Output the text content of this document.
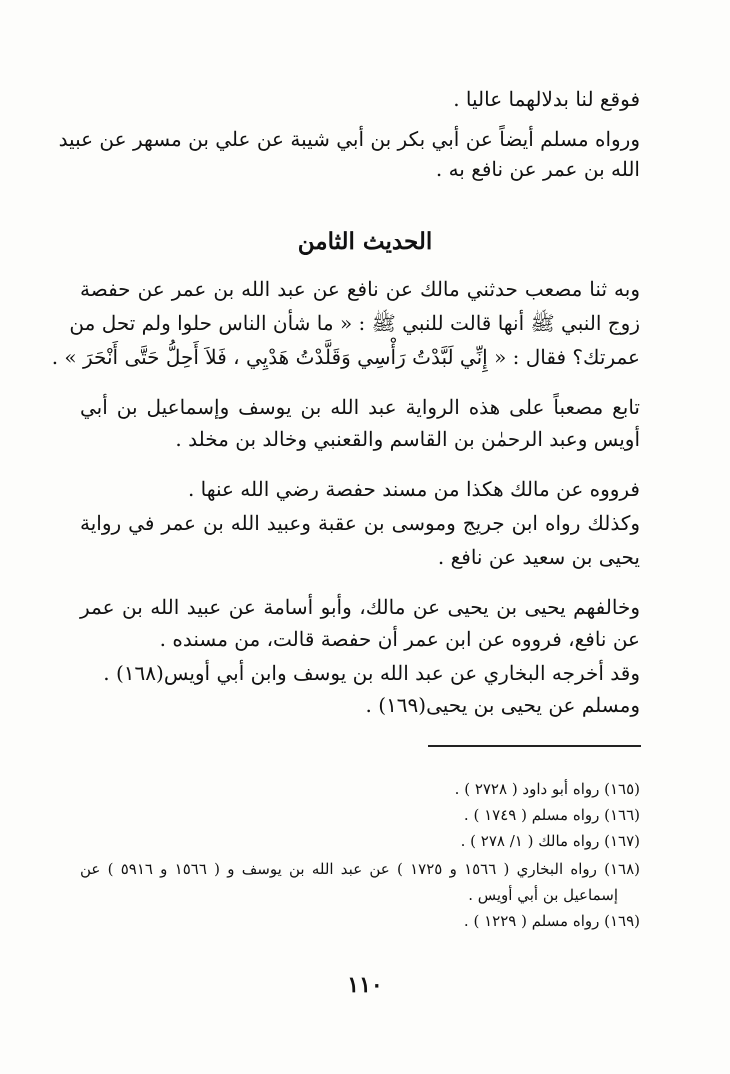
فوقع لنا بدلالهما عاليا .
ورواه مسلم أيضاً عن أبي بكر بن أبي شيبة عن علي بن مسهر عن عبيد
الله بن عمر عن نافع به .
الحديث الثامن
وبه ثنا مصعب حدثني مالك عن نافع عن عبد الله بن عمر عن حفصة
زوج النبي ﷺ أنها قالت للنبي ﷺ : « ما شأن الناس حلوا ولم تحل من
عمرتك؟ فقال : « إِنِّي لَبَّدْتُ رَأْسِي وَقَلَّدْتُ هَدْيِي ، فَلاَ أَحِلُّ حَتَّى أَنْحَرَ » .
تابع مصعباً على هذه الرواية عبد الله بن يوسف وإسماعيل بن أبي
أويس وعبد الرحمٰن بن القاسم والقعنبي وخالد بن مخلد .
فرووه عن مالك هكذا من مسند حفصة رضي الله عنها .
وكذلك رواه ابن جريج وموسى بن عقبة وعبيد الله بن عمر في رواية
يحيى بن سعيد عن نافع .
وخالفهم يحيى بن يحيى عن مالك، وأبو أسامة عن عبيد الله بن عمر
عن نافع، فرووه عن ابن عمر أن حفصة قالت، من مسنده .
وقد أخرجه البخاري عن عبد الله بن يوسف وابن أبي أويس(١٦٨) .
ومسلم عن يحيى بن يحيى(١٦٩) .
(١٦٥) رواه أبو داود ( ٢٧٢٨ ) .
(١٦٦) رواه مسلم ( ١٧٤٩ ) .
(١٦٧) رواه مالك ( ١/ ٢٧٨ ) .
(١٦٨) رواه البخاري ( ١٥٦٦ و ١٧٢٥ ) عن عبد الله بن يوسف و ( ١٥٦٦ و ٥٩١٦ ) عن
إسماعيل بن أبي أويس .
(١٦٩) رواه مسلم ( ١٢٢٩ ) .
١١٠
